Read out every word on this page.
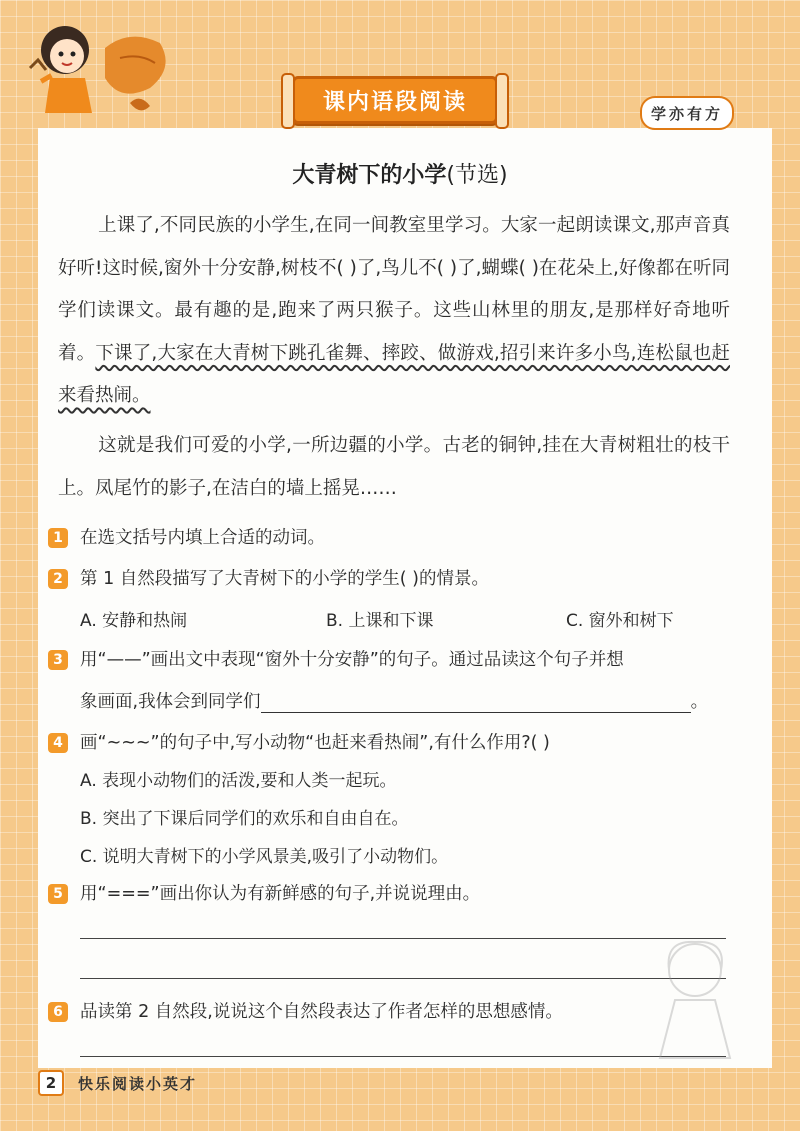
课内语段阅读	学亦有方
大青树下的小学(节选)
上课了,不同民族的小学生,在同一间教室里学习。大家一起朗读课文,那声音真好听!这时候,窗外十分安静,树枝不( )了,鸟儿不( )了,蝴蝶( )在花朵上,好像都在听同学们读课文。最有趣的是,跑来了两只猴子。这些山林里的朋友,是那样好奇地听着。下课了,大家在大青树下跳孔雀舞、摔跤、做游戏,招引来许多小鸟,连松鼠也赶来看热闹。
这就是我们可爱的小学,一所边疆的小学。古老的铜钟,挂在大青树粗壮的枝干上。凤尾竹的影子,在洁白的墙上摇晃……
1 在选文括号内填上合适的动词。
2 第 1 自然段描写了大青树下的小学的学生( )的情景。
A. 安静和热闹	B. 上课和下课	C. 窗外和树下
3 用“——”画出文中表现“窗外十分安静”的句子。通过品读这个句子并想
象画面,我体会到同学们	。
4 画“~~~”的句子中,写小动物“也赶来看热闹”,有什么作用?( )
A. 表现小动物们的活泼,要和人类一起玩。
B. 突出了下课后同学们的欢乐和自由自在。
C. 说明大青树下的小学风景美,吸引了小动物们。
5 用“===”画出你认为有新鲜感的句子,并说说理由。
6 品读第 2 自然段,说说这个自然段表达了作者怎样的思想感情。
2	快乐阅读小英才
